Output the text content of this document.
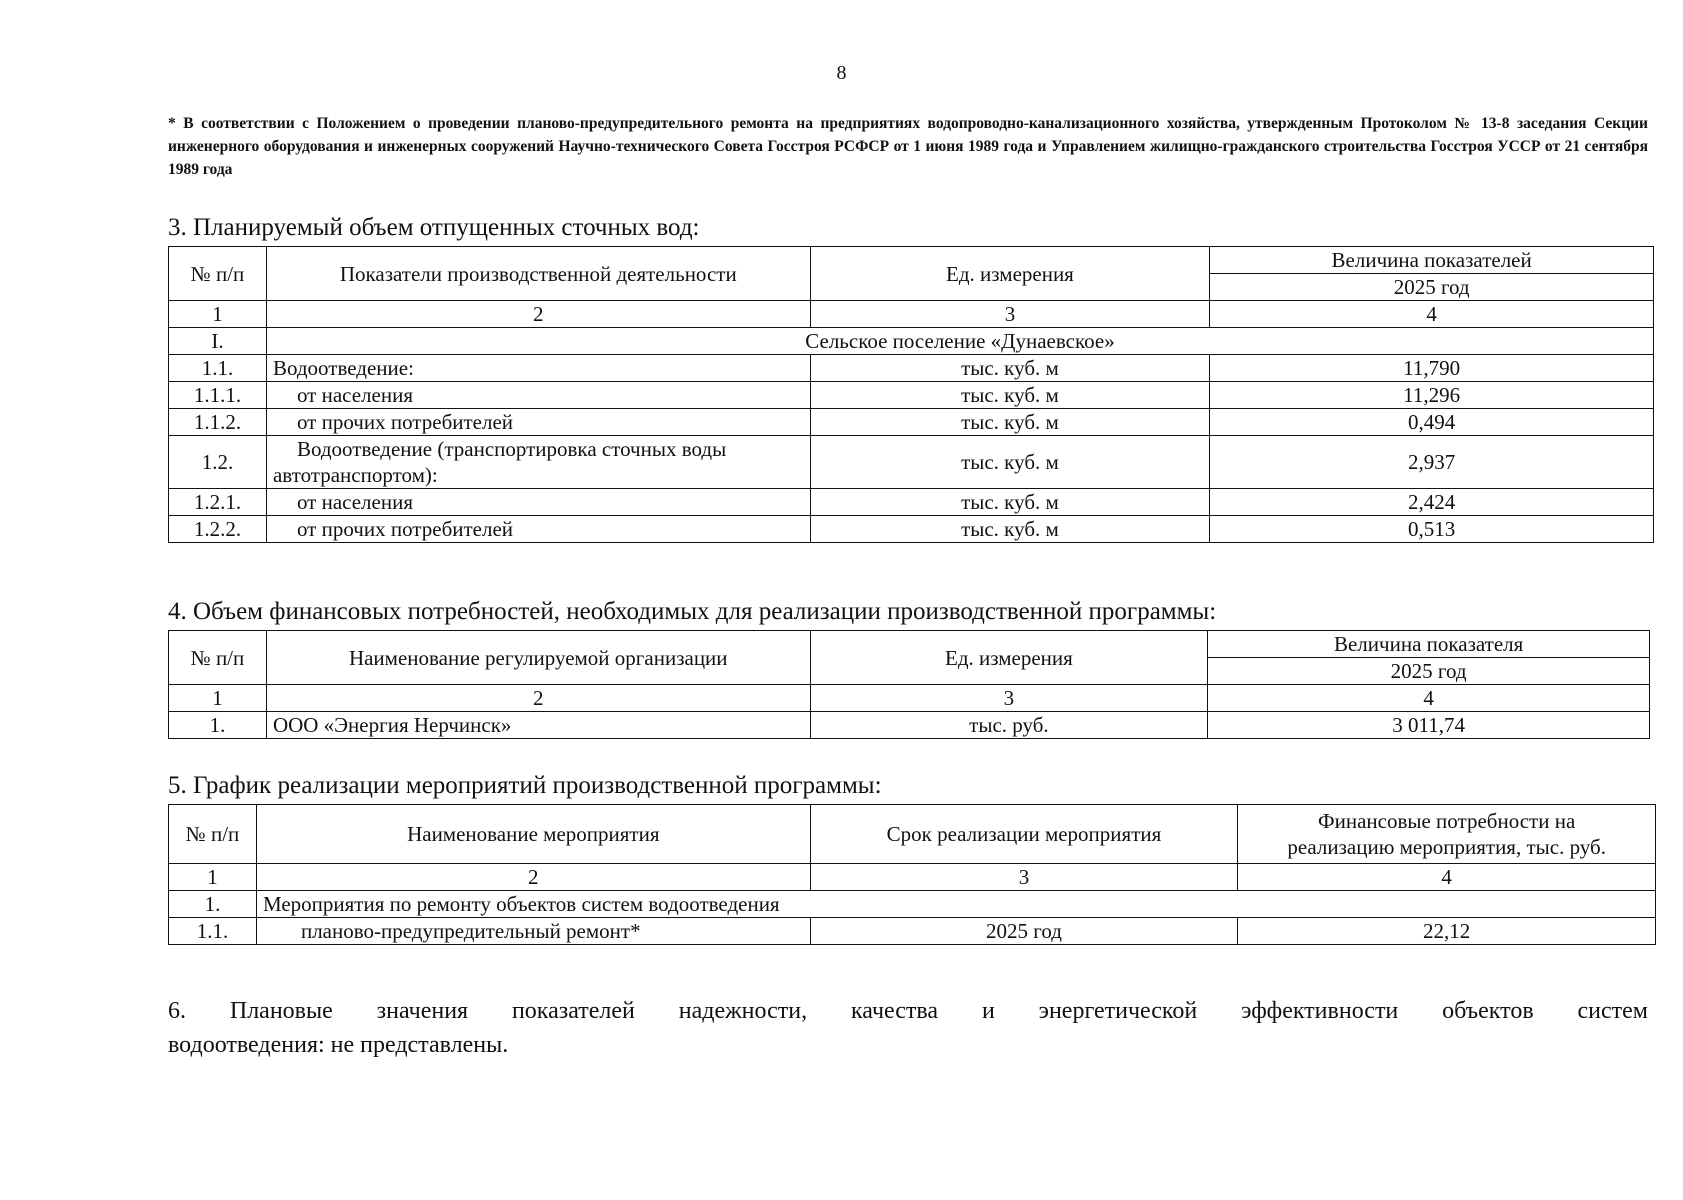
8
* В соответствии с Положением о проведении планово-предупредительного ремонта на предприятиях водопроводно-канализационного хозяйства, утвержденным Протоколом № 13-8 заседания Секции инженерного оборудования и инженерных сооружений Научно-технического Совета Госстроя РСФСР от 1 июня 1989 года и Управлением жилищно-гражданского строительства Госстроя УССР от 21 сентября 1989 года
3. Планируемый объем отпущенных сточных вод:
№ п/п	Показатели производственной деятельности	Ед. измерения	Величина показателей
			2025 год
1	2	3	4
I.	Сельское поселение «Дунаевское»		
1.1.	Водоотведение:	тыс. куб. м	11,790
1.1.1.	от населения	тыс. куб. м	11,296
1.1.2.	от прочих потребителей	тыс. куб. м	0,494
1.2.	Водоотведение (транспортировка сточных воды
автотранспортом):	тыс. куб. м	2,937
1.2.1.	от населения	тыс. куб. м	2,424
1.2.2.	от прочих потребителей	тыс. куб. м	0,513
4. Объем финансовых потребностей, необходимых для реализации производственной программы:
№ п/п	Наименование регулируемой организации	Ед. измерения	Величина показателя
			2025 год
1	2	3	4
1.	ООО «Энергия Нерчинск»	тыс. руб.	3 011,74
5. График реализации мероприятий производственной программы:
№ п/п	Наименование мероприятия	Срок реализации мероприятия	Финансовые потребности на
реализацию мероприятия, тыс. руб.

1	2	3	4
1.	Мероприятия по ремонту объектов систем водоотведения		
1.1.	планово-предупредительный ремонт*	2025 год	22,12
6. Плановые значения показателей надежности, качества и энергетической эффективности объектов систем
водоотведения: не представлены.
